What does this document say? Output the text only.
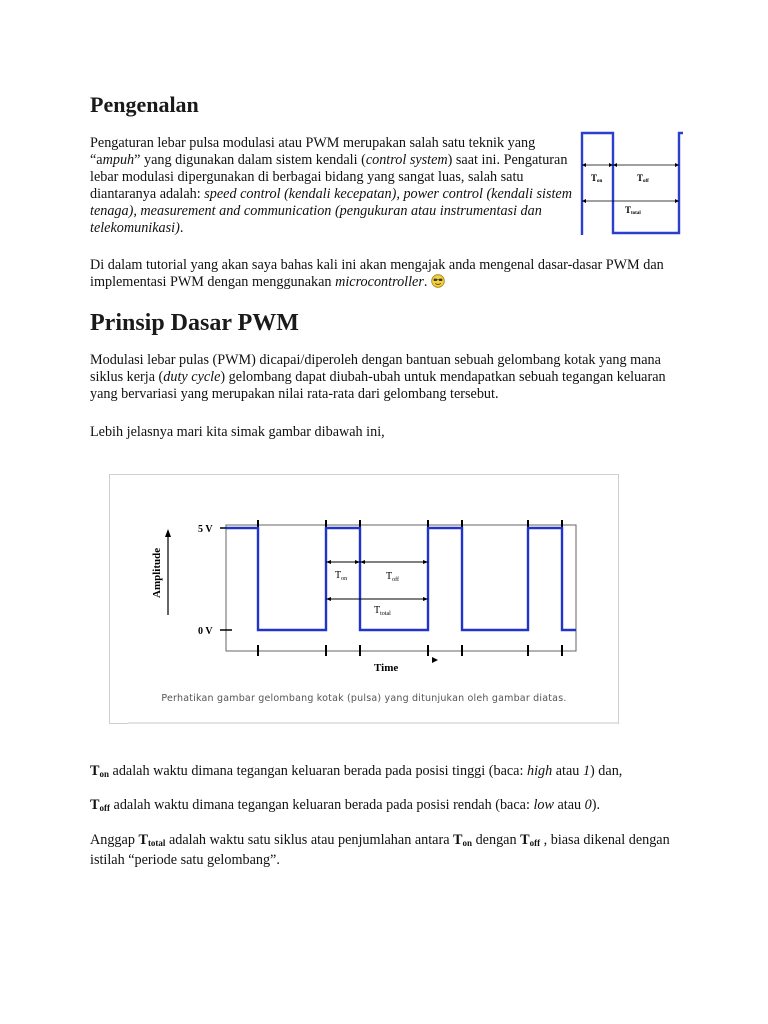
Pengenalan

Pengaturan lebar pulsa modulasi atau PWM merupakan salah satu teknik yang “ampuh” yang digunakan dalam sistem kendali (control system) saat ini. Pengaturan lebar modulasi dipergunakan di berbagai bidang yang sangat luas, salah satu diantaranya adalah: speed control (kendali kecepatan), power control (kendali sistem tenaga), measurement and communication (pengukuran atau instrumentasi dan telekomunikasi).

Ton	Toff
Ttotal

Di dalam tutorial yang akan saya bahas kali ini akan mengajak anda mengenal dasar-dasar PWM dan implementasi PWM dengan menggunakan microcontroller.

Prinsip Dasar PWM

Modulasi lebar pulas (PWM) dicapai/diperoleh dengan bantuan sebuah gelombang kotak yang mana siklus kerja (duty cycle) gelombang dapat diubah-ubah untuk mendapatkan sebuah tegangan keluaran yang bervariasi yang merupakan nilai rata-rata dari gelombang tersebut.

Lebih jelasnya mari kita simak gambar dibawah ini,

5 V
0 V
Amplitude
Time
$T_{on}$	$T_{off}$
$T_{total}$
Perhatikan gambar gelombang kotak (pulsa) yang ditunjukan oleh gambar diatas.

$T_{on}$ adalah waktu dimana tegangan keluaran berada pada posisi tinggi (baca: high atau 1) dan,

$T_{off}$ adalah waktu dimana tegangan keluaran berada pada posisi rendah (baca: low atau 0).

Anggap $T_{total}$ adalah waktu satu siklus atau penjumlahan antara $T_{on}$ dengan $T_{off}$ , biasa dikenal dengan istilah “periode satu gelombang”.
